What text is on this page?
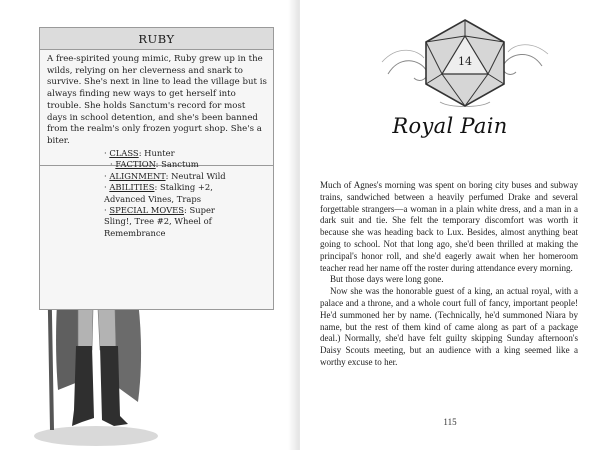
RUBY

A free-spirited young mimic, Ruby grew up in the wilds, relying on her cleverness and snark to survive. She's next in line to lead the village but is always finding new ways to get herself into trouble. She holds Sanctum's record for most days in school detention, and she's been banned from the realm's only frozen yogurt shop. She's a biter.

· CLASS: Hunter
· FACTION: Sanctum
· ALIGNMENT: Neutral Wild
· ABILITIES: Stalking +2, Advanced Vines, Traps
· SPECIAL MOVES: Super Sling!, Tree #2, Wheel of Remembrance
14
Royal Pain

Much of Agnes's morning was spent on boring city buses and subway trains, sandwiched between a heavily perfumed Drake and several forgettable strangers—a woman in a plain white dress, and a man in a dark suit and tie. She felt the temporary discomfort was worth it because she was heading back to Lux. Besides, almost anything beat going to school. Not that long ago, she'd been thrilled at making the principal's honor roll, and she'd eagerly await when her homeroom teacher read her name off the roster during attendance every morning.

But those days were long gone.

Now she was the honorable guest of a king, an actual royal, with a palace and a throne, and a whole court full of fancy, important people! He'd summoned her by name. (Technically, he'd summoned Niara by name, but the rest of them kind of came along as part of a package deal.) Normally, she'd have felt guilty skipping Sunday afternoon's Daisy Scouts meeting, but an audience with a king seemed like a worthy excuse to her.

115
